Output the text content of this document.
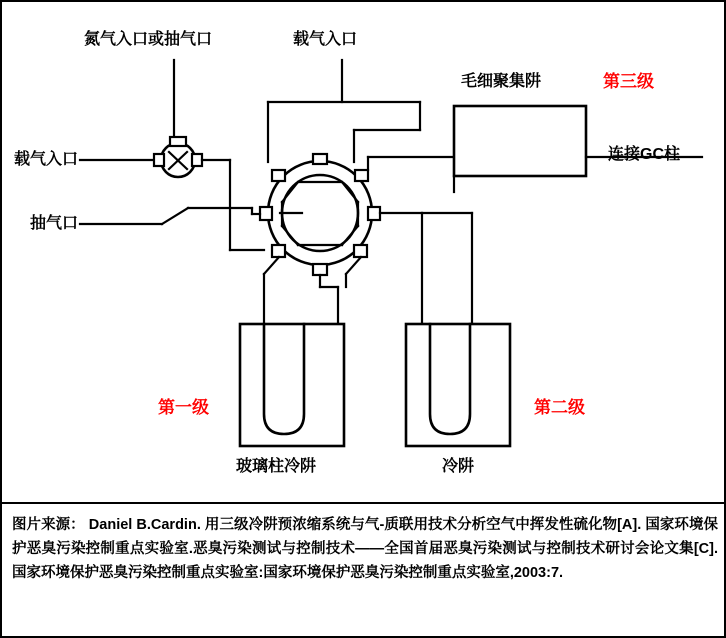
氮气入口或抽气口	载气入口
毛细聚集阱	第三级
载气入口	连接GC柱
抽气口
第一级	第二级
玻璃柱冷阱	冷阱
图片来源： Daniel B.Cardin. 用三级冷阱预浓缩系统与气-质联用技术分析空气中挥发性硫化物[A]. 国家环境保护恶臭污染控制重点实验室.恶臭污染测试与控制技术——全国首届恶臭污染测试与控制技术研讨会论文集[C].国家环境保护恶臭污染控制重点实验室:国家环境保护恶臭污染控制重点实验室,2003:7.
